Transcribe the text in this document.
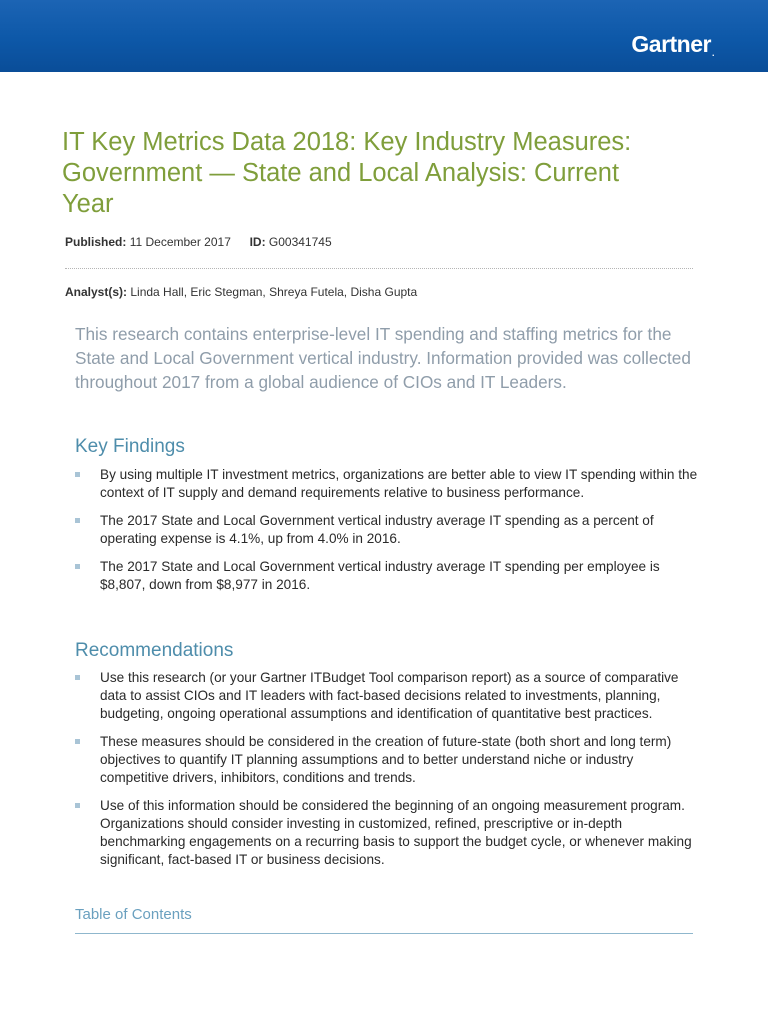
Gartner.
IT Key Metrics Data 2018: Key Industry Measures: Government — State and Local Analysis: Current Year
Published: 11 December 2017 ID: G00341745
Analyst(s): Linda Hall, Eric Stegman, Shreya Futela, Disha Gupta

This research contains enterprise-level IT spending and staffing metrics for the State and Local Government vertical industry. Information provided was collected throughout 2017 from a global audience of CIOs and IT Leaders.

Key Findings
By using multiple IT investment metrics, organizations are better able to view IT spending within the context of IT supply and demand requirements relative to business performance.
The 2017 State and Local Government vertical industry average IT spending as a percent of operating expense is 4.1%, up from 4.0% in 2016.
The 2017 State and Local Government vertical industry average IT spending per employee is $8,807, down from $8,977 in 2016.
Recommendations
Use this research (or your Gartner ITBudget Tool comparison report) as a source of comparative data to assist CIOs and IT leaders with fact-based decisions related to investments, planning, budgeting, ongoing operational assumptions and identification of quantitative best practices.
These measures should be considered in the creation of future-state (both short and long term) objectives to quantify IT planning assumptions and to better understand niche or industry competitive drivers, inhibitors, conditions and trends.
Use of this information should be considered the beginning of an ongoing measurement program. Organizations should consider investing in customized, refined, prescriptive or in-depth benchmarking engagements on a recurring basis to support the budget cycle, or whenever making significant, fact-based IT or business decisions.
Table of Contents
